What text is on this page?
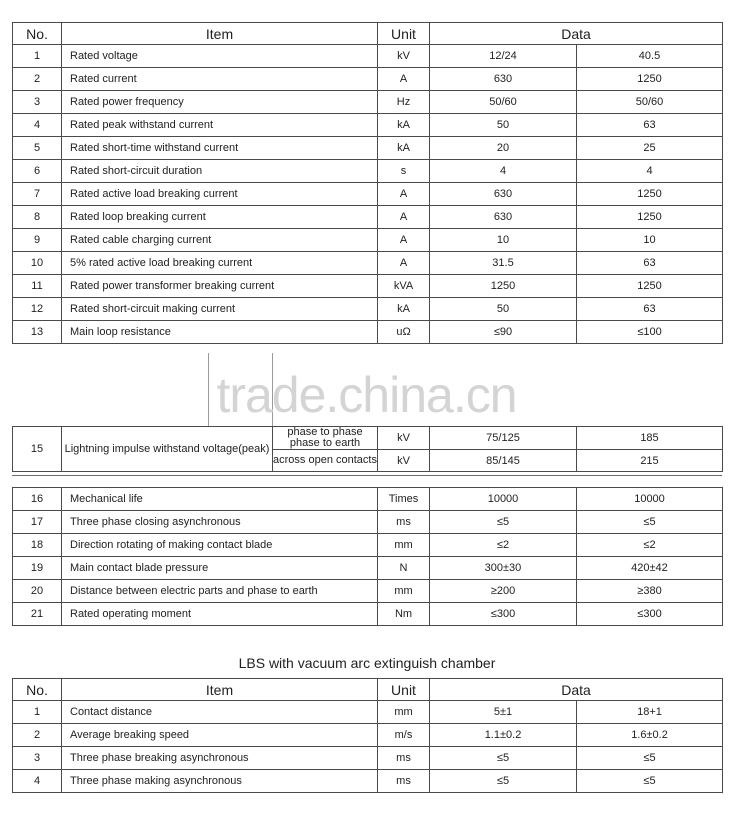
No.	Item	Unit	Data	
1	Rated voltage	kV	12/24	40.5
2	Rated current	A	630	1250
3	Rated power frequency	Hz	50/60	50/60
4	Rated peak withstand current	kA	50	63
5	Rated short-time withstand current	kA	20	25
6	Rated short-circuit duration	s	4	4
7	Rated active load breaking current	A	630	1250
8	Rated loop breaking current	A	630	1250
9	Rated cable charging current	A	10	10
10	5% rated active load breaking current	A	31.5	63
11	Rated power transformer breaking current	kVA	1250	1250
12	Rated short-circuit making current	kA	50	63
13	Main loop resistance	uΩ	≤90	≤100
trade.china.cn
15	Lightning impulse withstand voltage(peak)	phase to phase phase to earth	kV	75/125	185
		across open contacts	kV	85/145	215
16	Mechanical life	Times	10000	10000
17	Three phase closing asynchronous	ms	≤5	≤5
18	Direction rotating of making contact blade	mm	≤2	≤2
19	Main contact blade pressure	N	300±30	420±42
20	Distance between electric parts and phase to earth	mm	≥200	≥380
21	Rated operating moment	Nm	≤300	≤300
LBS with vacuum arc extinguish chamber
No.	Item	Unit	Data	
1	Contact distance	mm	5±1	18+1
2	Average breaking speed	m/s	1.1±0.2	1.6±0.2
3	Three phase breaking asynchronous	ms	≤5	≤5
4	Three phase making asynchronous	ms	≤5	≤5
